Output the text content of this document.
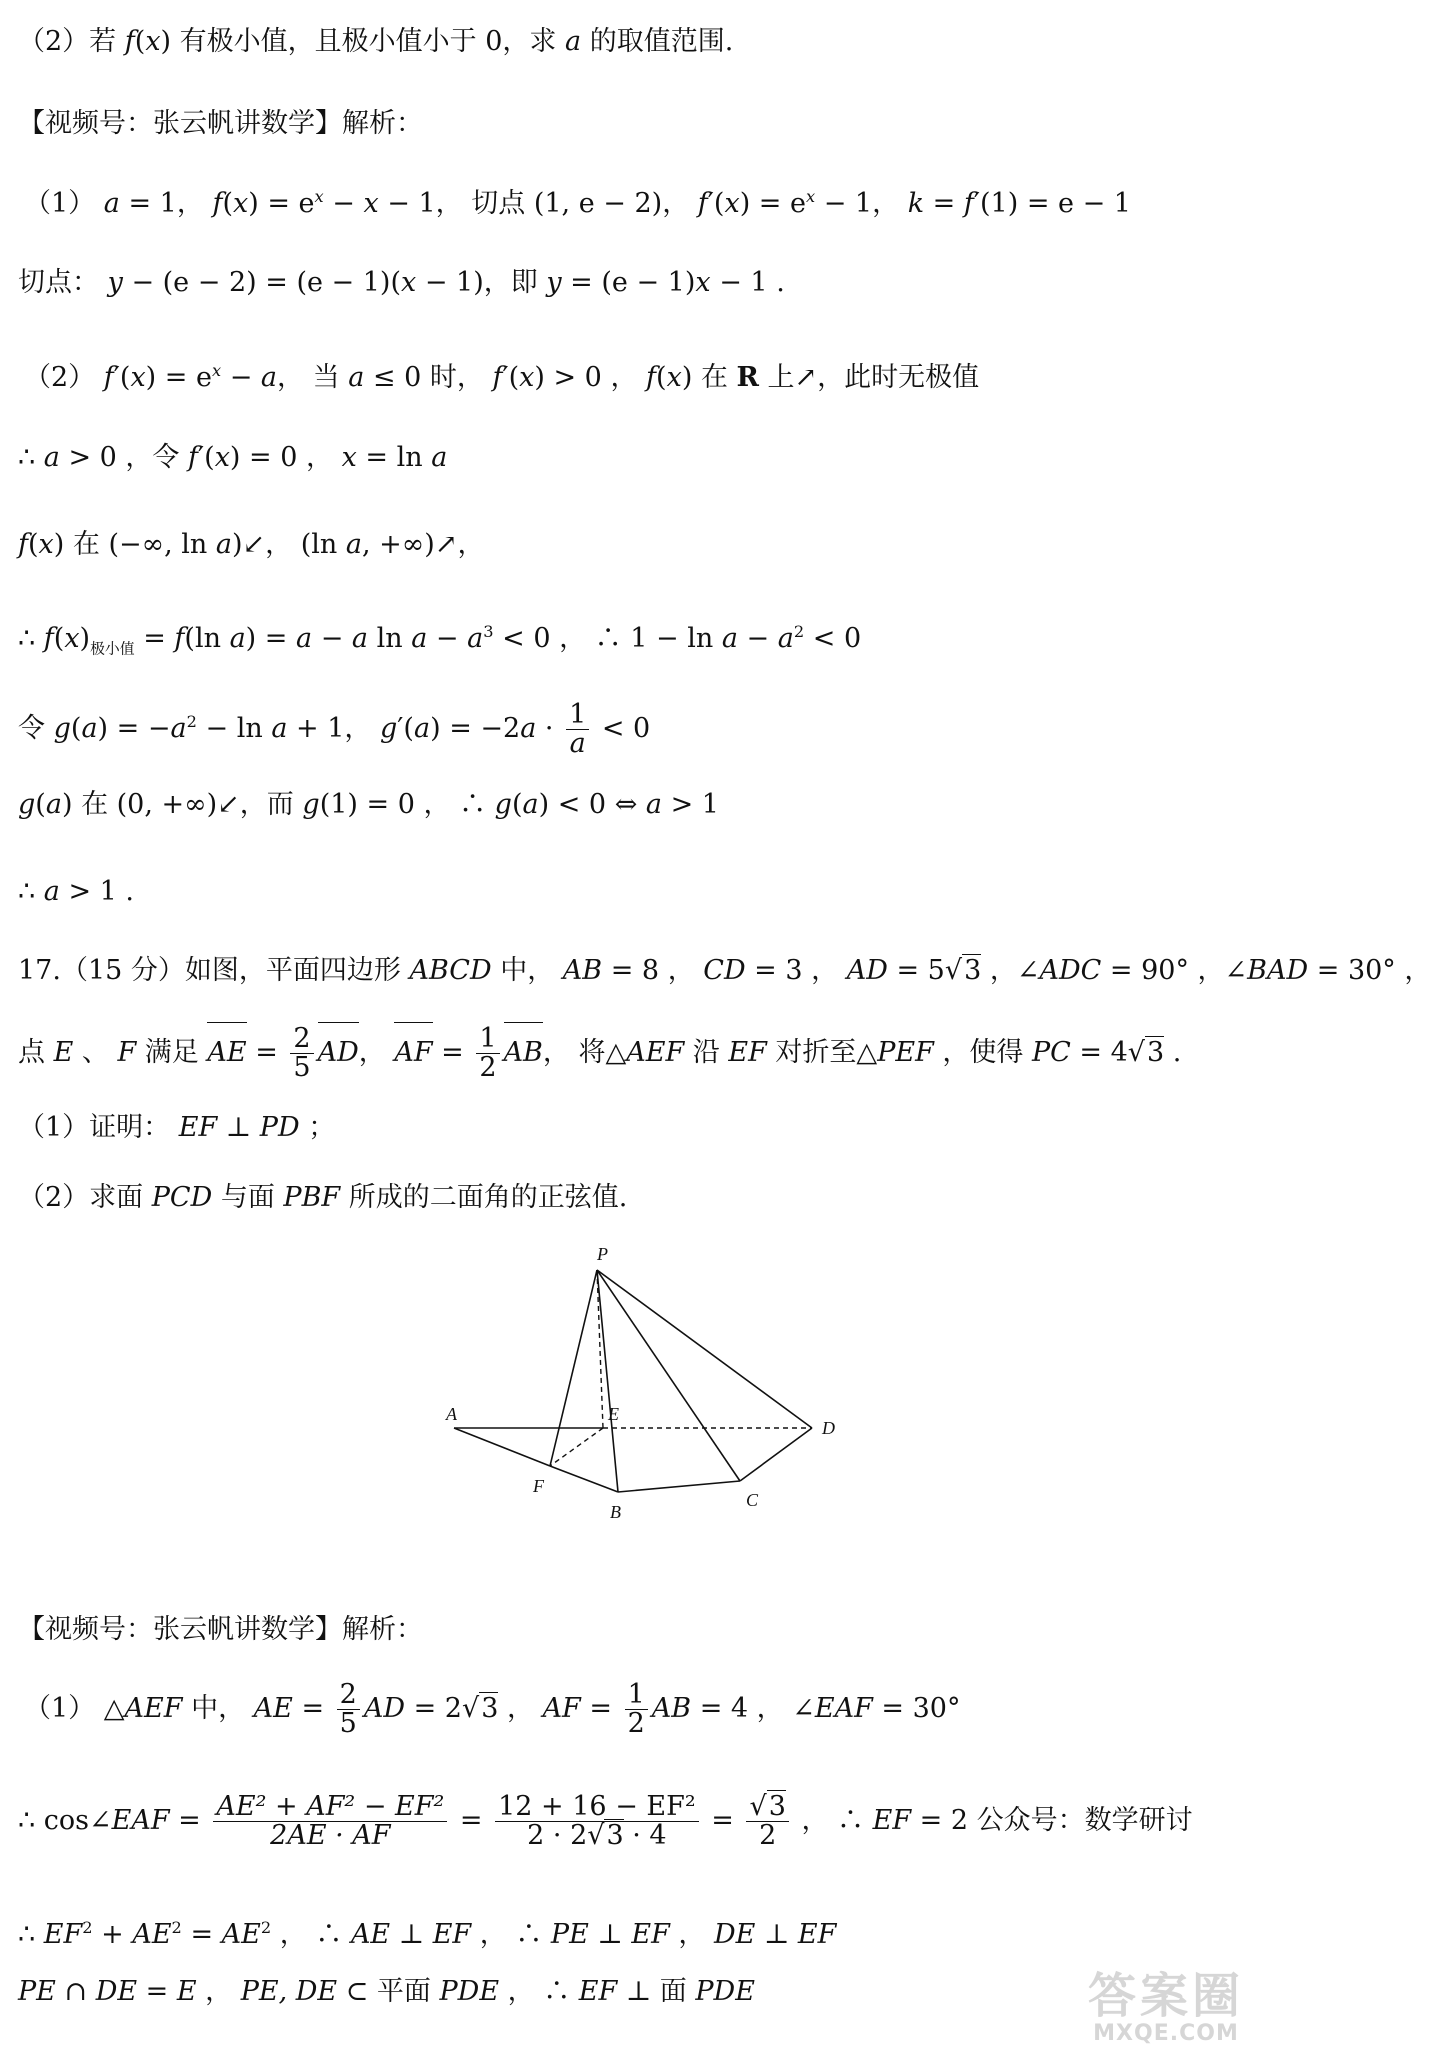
（2）若 f(x) 有极小值，且极小值小于 0，求 a 的取值范围.
【视频号：张云帆讲数学】解析：
（1） a = 1， $f(x) = e^x - x - 1$， 切点 (1, e − 2)， $f'(x) = e^x - 1$， k = f′(1) = e − 1
切点： y − (e − 2) = (e − 1)(x − 1)，即 y = (e − 1)x − 1 .
（2） $f'(x) = e^x - a$， 当 a ≤ 0 时， f′(x) > 0 ， f(x) 在 R 上↗，此时无极值
∴ a > 0 ，令 f′(x) = 0 ， x = ln a
f(x) 在 (−∞, ln a)↙， (ln a, +∞)↗，
∴ $f(x)_{极小值} = f(\ln$ a) = a − a $\ln a - a^3 < 0$ ， ∴ $1 - \ln a - a^2 < 0$
令 $g(a) = -a^2 - \ln a + 1$， $g'(a) = -2a \cdot \frac{1}{a} < 0$
g(a) 在 (0, +∞)↙，而 g(1) = 0 ， ∴ g(a) < 0 ⇔ a > 1
∴ a > 1 .
17.（15 分）如图，平面四边形 ABCD 中， AB = 8 ， CD = 3 ， AD = 5√3 ，∠ADC = 90° ，∠BAD = 30° ，
点 E 、 F 满足 AE = $\frac{2}{5}$ AD， AF = $\frac{1}{2}$ AB， 将△AEF 沿 EF 对折至△PEF ，使得 PC = 4√3 .
（1）证明： EF ⊥ PD ；
（2）求面 PCD 与面 PBF 所成的二面角的正弦值.
P
A	E
D
F
B
C
【视频号：张云帆讲数学】解析：
（1） △AEF 中， AE = $\frac{2}{5}$ AD = 2√3 ， AF = $\frac{1}{2}$ AB = 4 ， ∠EAF = 30°
∴ cos∠EAF = $\frac{\text{AE² + AF² − EF²}}{2AE \cdot AF} = \frac{\text{12 + 16 − EF²}}{2 \cdot 2√3 \cdot 4} = \frac{√3}{2}$ ， ∴ EF = 2 公众号：数学研讨
∴ $EF^2 + AE^2 = AE^2$ ， ∴ AE ⊥ EF ， ∴ PE ⊥ EF ， DE ⊥ EF
PE ∩ DE = E ， PE, DE ⊂ 平面 PDE ， ∴ EF ⊥ 面 PDE	答案圈
MXQE.COM
